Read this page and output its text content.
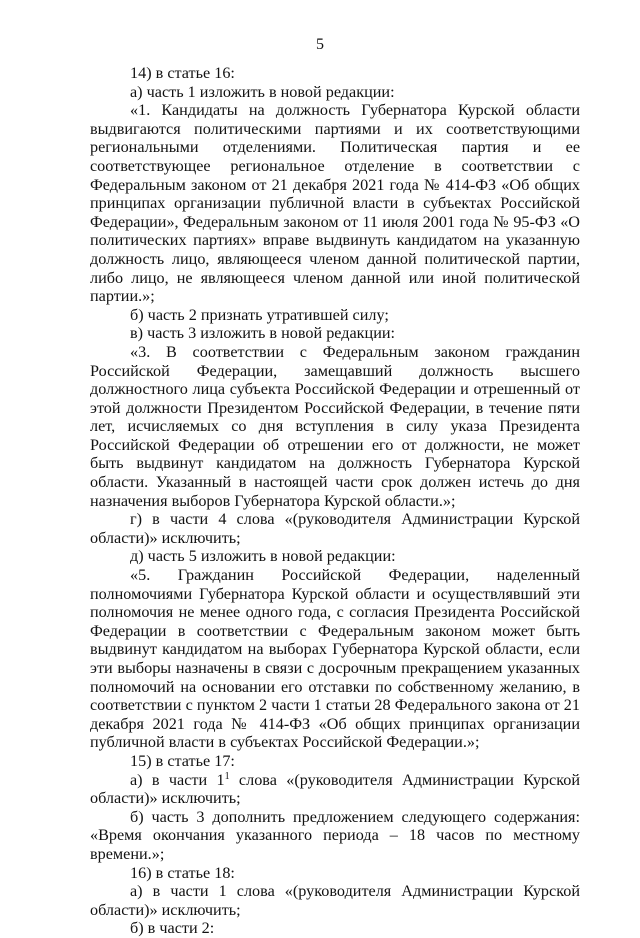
5

14) в статье 16:

а) часть 1 изложить в новой редакции:

«1. Кандидаты на должность Губернатора Курской области выдвигаются политическими партиями и их соответствующими региональными отделениями. Политическая партия и ее соответствующее региональное отделение в соответствии с Федеральным законом от 21 декабря 2021 года № 414-ФЗ «Об общих принципах организации публичной власти в субъектах Российской Федерации», Федеральным законом от 11 июля 2001 года № 95-ФЗ «О политических партиях» вправе выдвинуть кандидатом на указанную должность лицо, являющееся членом данной политической партии, либо лицо, не являющееся членом данной или иной политической партии.»;

б) часть 2 признать утратившей силу;

в) часть 3 изложить в новой редакции:

«3. В соответствии с Федеральным законом гражданин Российской Федерации, замещавший должность высшего должностного лица субъекта Российской Федерации и отрешенный от этой должности Президентом Российской Федерации, в течение пяти лет, исчисляемых со дня вступления в силу указа Президента Российской Федерации об отрешении его от должности, не может быть выдвинут кандидатом на должность Губернатора Курской области. Указанный в настоящей части срок должен истечь до дня назначения выборов Губернатора Курской области.»;

г) в части 4 слова «(руководителя Администрации Курской области)» исключить;

д) часть 5 изложить в новой редакции:

«5. Гражданин Российской Федерации, наделенный полномочиями Губернатора Курской области и осуществлявший эти полномочия не менее одного года, с согласия Президента Российской Федерации в соответствии с Федеральным законом может быть выдвинут кандидатом на выборах Губернатора Курской области, если эти выборы назначены в связи с досрочным прекращением указанных полномочий на основании его отставки по собственному желанию, в соответствии с пунктом 2 части 1 статьи 28 Федерального закона от 21 декабря 2021 года № 414-ФЗ «Об общих принципах организации публичной власти в субъектах Российской Федерации.»;

15) в статье 17:

а) в части $1^1$ слова «(руководителя Администрации Курской области)» исключить;

б) часть 3 дополнить предложением следующего содержания: «Время окончания указанного периода – 18 часов по местному времени.»;

16) в статье 18:

а) в части 1 слова «(руководителя Администрации Курской области)» исключить;

б) в части 2:
